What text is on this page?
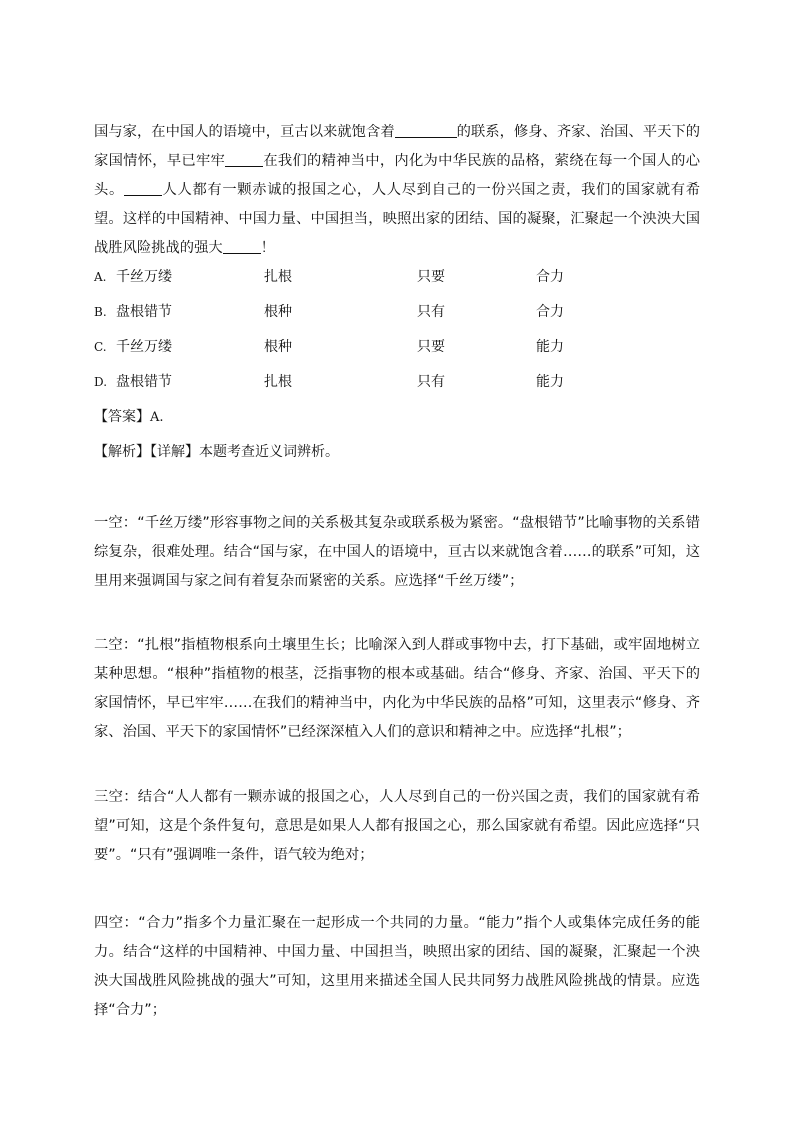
国与家，在中国人的语境中，亘古以来就饱含着	的联系，修身、齐家、治国、平天下的家国情怀，早已牢牢	在我们的精神当中，内化为中华民族的品格，萦绕在每一个国人的心头。	人人都有一颗赤诚的报国之心，人人尽到自己的一份兴国之责，我们的国家就有希望。这样的中国精神、中国力量、中国担当，映照出家的团结、国的凝聚，汇聚起一个泱泱大国战胜风险挑战的强大	！
A. 千丝万缕	扎根	只要	合力
B. 盘根错节	根种	只有	合力
C. 千丝万缕	根种	只要	能力
D. 盘根错节	扎根	只有	能力
【答案】A.
【解析】【详解】本题考查近义词辨析。
一空：“千丝万缕”形容事物之间的关系极其复杂或联系极为紧密。“盘根错节”比喻事物的关系错综复杂，很难处理。结合“国与家，在中国人的语境中，亘古以来就饱含着……的联系”可知，这里用来强调国与家之间有着复杂而紧密的关系。应选择“千丝万缕”；
二空：“扎根”指植物根系向土壤里生长；比喻深入到人群或事物中去，打下基础，或牢固地树立某种思想。“根种”指植物的根茎，泛指事物的根本或基础。结合“修身、齐家、治国、平天下的家国情怀，早已牢牢……在我们的精神当中，内化为中华民族的品格”可知，这里表示“修身、齐家、治国、平天下的家国情怀”已经深深植入人们的意识和精神之中。应选择“扎根”；
三空：结合“人人都有一颗赤诚的报国之心，人人尽到自己的一份兴国之责，我们的国家就有希望”可知，这是个条件复句，意思是如果人人都有报国之心，那么国家就有希望。因此应选择“只要”。“只有”强调唯一条件，语气较为绝对；
四空：“合力”指多个力量汇聚在一起形成一个共同的力量。“能力”指个人或集体完成任务的能力。结合“这样的中国精神、中国力量、中国担当，映照出家的团结、国的凝聚，汇聚起一个泱泱大国战胜风险挑战的强大”可知，这里用来描述全国人民共同努力战胜风险挑战的情景。应选择“合力”；
